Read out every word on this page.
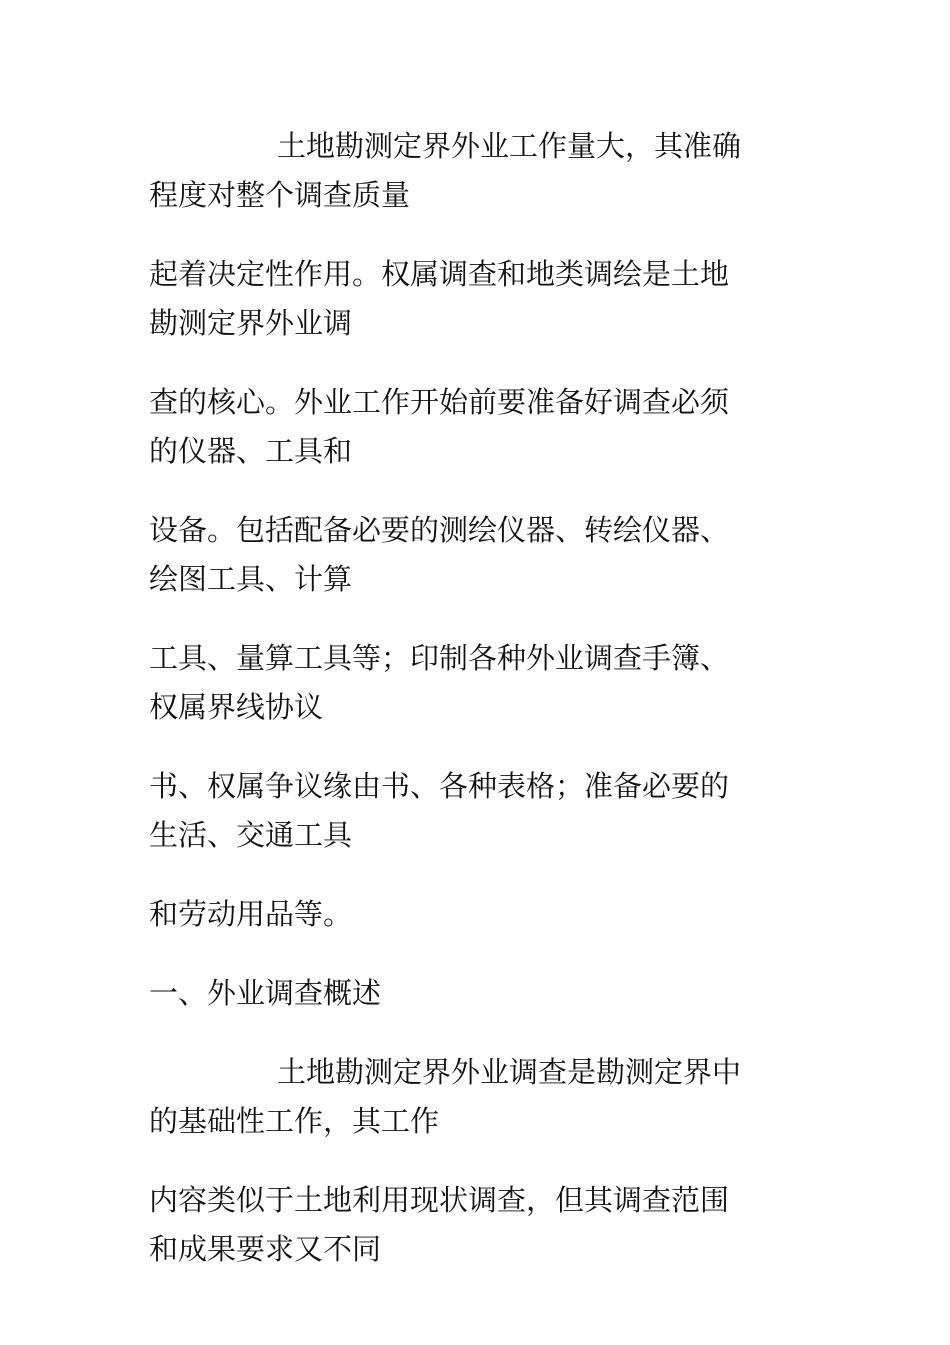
土地勘测定界外业工作量大，其准确
程度对整个调查质量

起着决定性作用。权属调查和地类调绘是土地
勘测定界外业调

查的核心。外业工作开始前要准备好调查必须
的仪器、工具和

设备。包括配备必要的测绘仪器、转绘仪器、
绘图工具、计算

工具、量算工具等；印制各种外业调查手簿、
权属界线协议

书、权属争议缘由书、各种表格；准备必要的
生活、交通工具

和劳动用品等。

一、外业调查概述

土地勘测定界外业调查是勘测定界中
的基础性工作，其工作

内容类似于土地利用现状调查，但其调查范围
和成果要求又不同
